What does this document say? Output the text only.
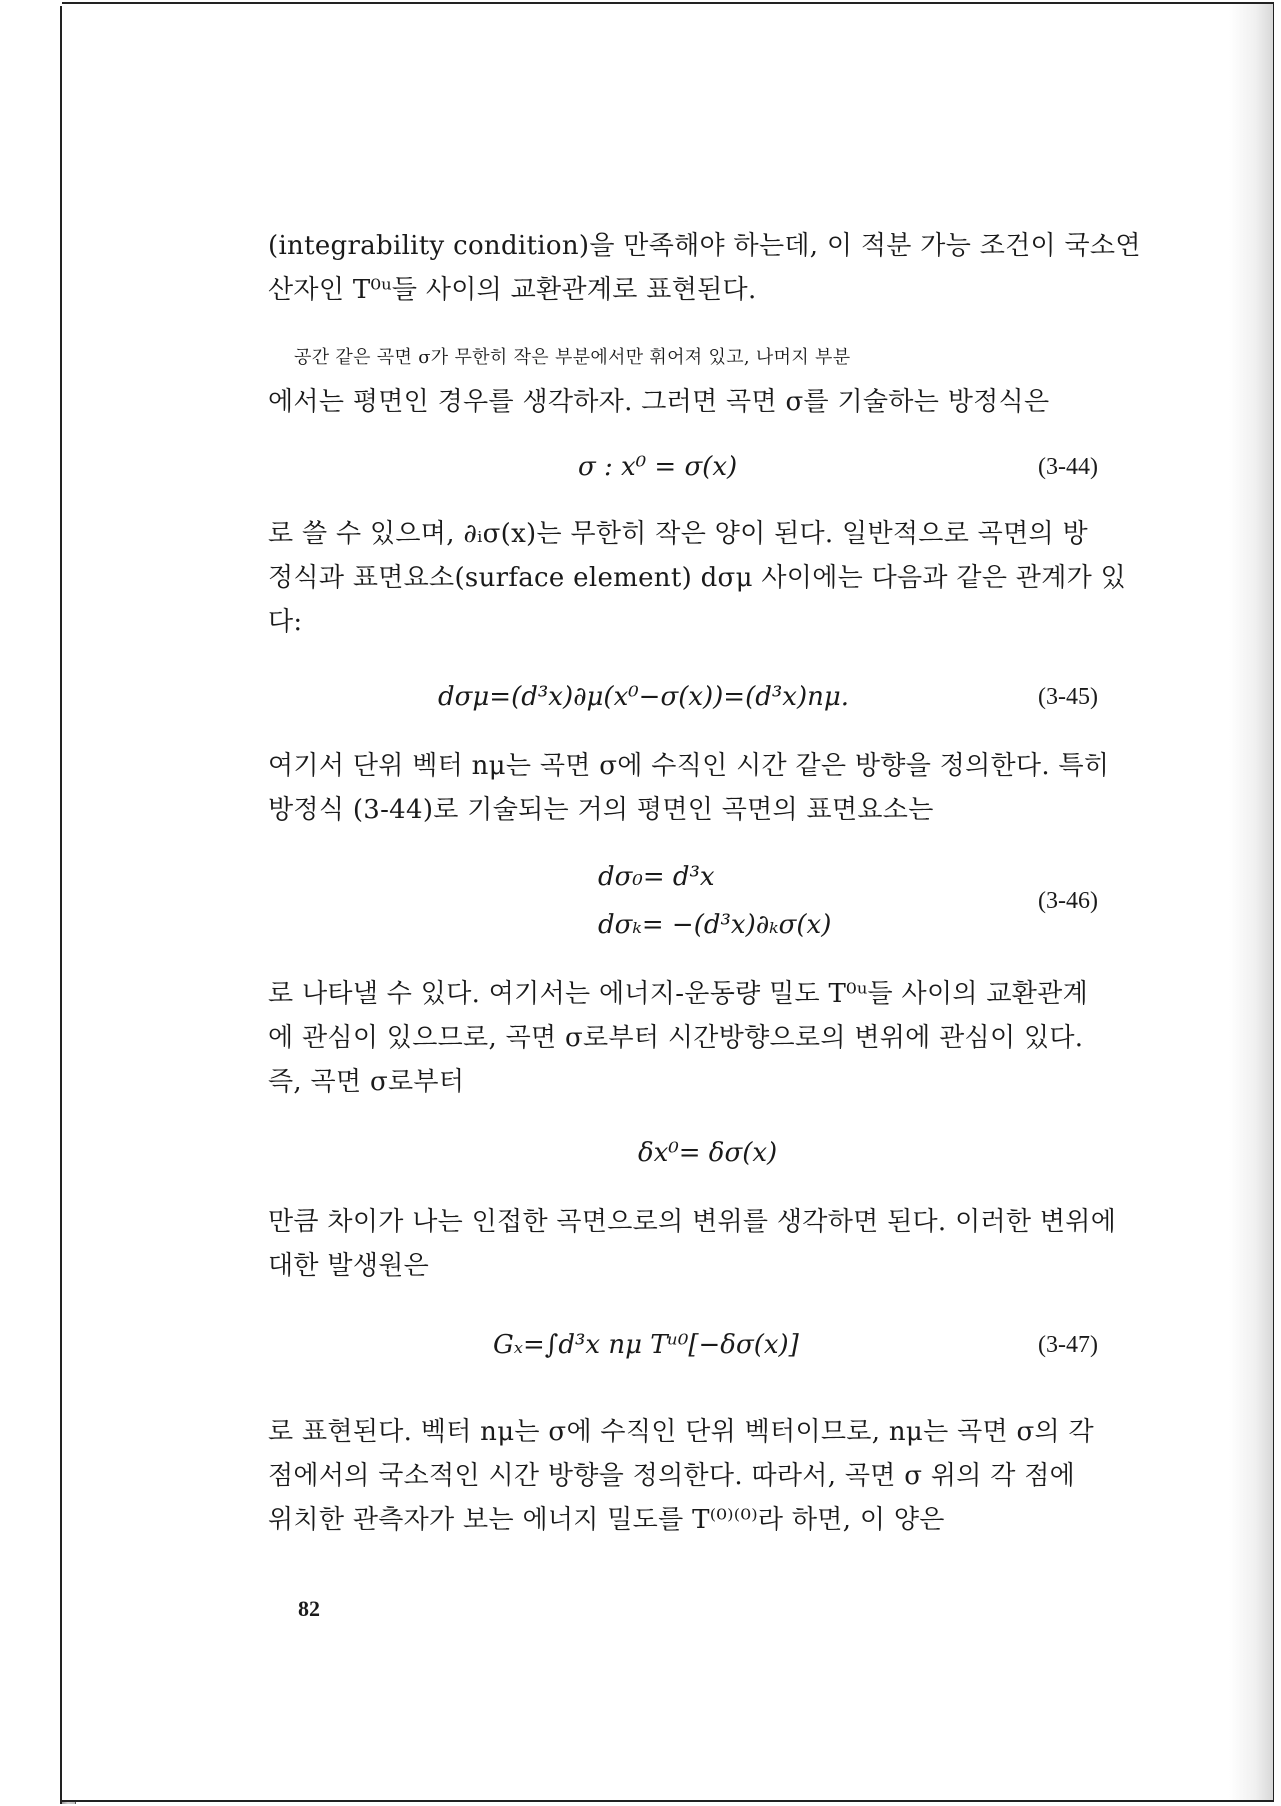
(integrability condition)을 만족해야 하는데, 이 적분 가능 조건이 국소연
산자인 T⁰ᵘ들 사이의 교환관계로 표현된다.
공간 같은 곡면 σ가 무한히 작은 부분에서만 휘어져 있고, 나머지 부분
에서는 평면인 경우를 생각하자. 그러면 곡면 σ를 기술하는 방정식은
σ : x⁰ = σ(x)	(3-44)
로 쓸 수 있으며, ∂ᵢσ(x)는 무한히 작은 양이 된다. 일반적으로 곡면의 방
정식과 표면요소(surface element) dσμ 사이에는 다음과 같은 관계가 있
다:
dσμ=(d³x)∂μ(x⁰−σ(x))=(d³x)nμ.	(3-45)
여기서 단위 벡터 nμ는 곡면 σ에 수직인 시간 같은 방향을 정의한다. 특히
방정식 (3-44)로 기술되는 거의 평면인 곡면의 표면요소는
dσ₀= d³x
dσₖ= −(d³x)∂ₖσ(x)
(3-46)
로 나타낼 수 있다. 여기서는 에너지-운동량 밀도 T⁰ᵘ들 사이의 교환관계
에 관심이 있으므로, 곡면 σ로부터 시간방향으로의 변위에 관심이 있다.
즉, 곡면 σ로부터
δx⁰= δσ(x)
만큼 차이가 나는 인접한 곡면으로의 변위를 생각하면 된다. 이러한 변위에
대한 발생원은
Gₓ=∫d³x nμ Tᵘ⁰[−δσ(x)]	(3-47)
로 표현된다. 벡터 nμ는 σ에 수직인 단위 벡터이므로, nμ는 곡면 σ의 각
점에서의 국소적인 시간 방향을 정의한다. 따라서, 곡면 σ 위의 각 점에
위치한 관측자가 보는 에너지 밀도를 T⁽⁰⁾⁽⁰⁾라 하면, 이 양은
82
